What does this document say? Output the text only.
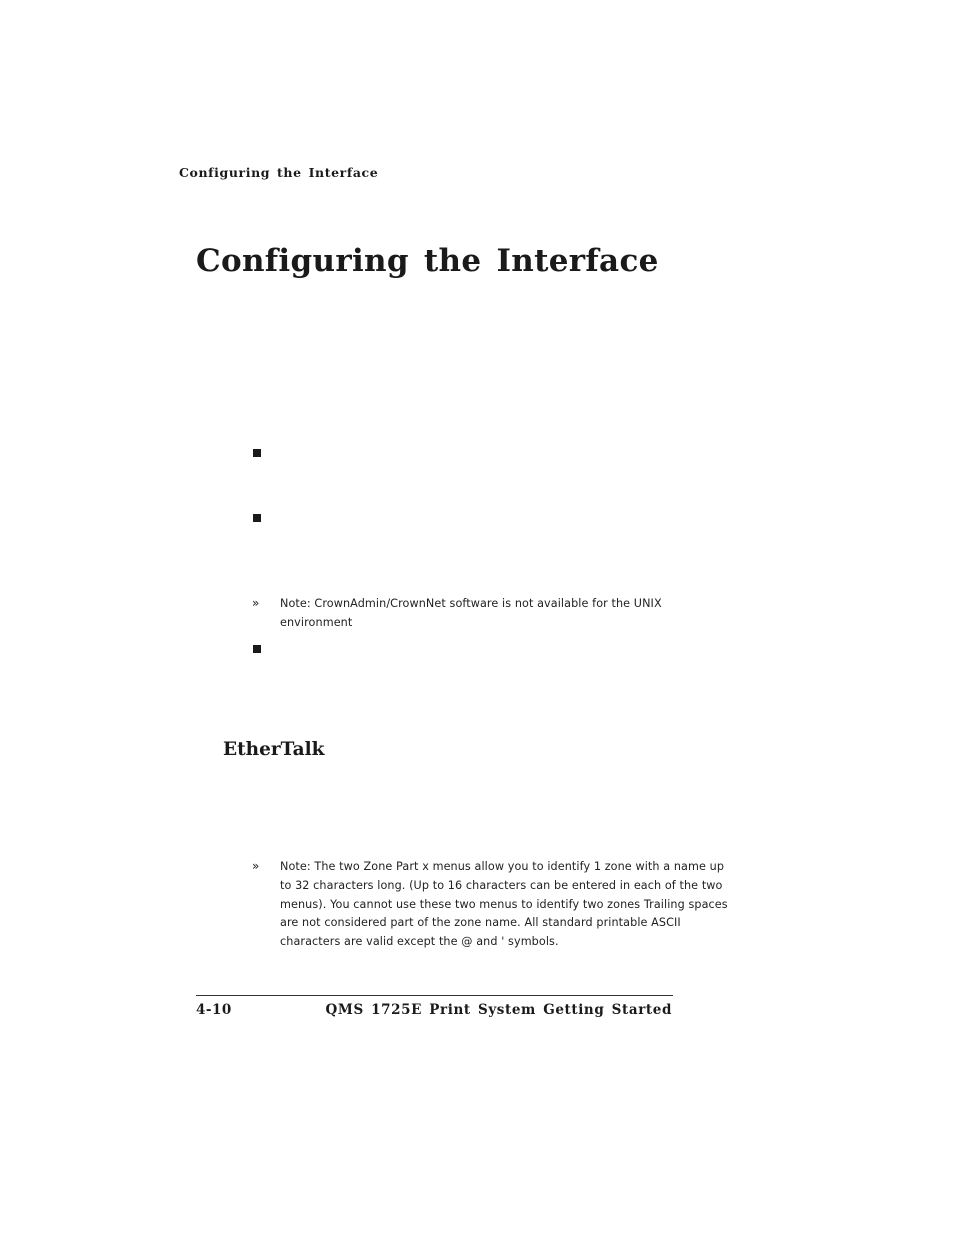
Configuring the Interface
Configuring the Interface
» Note: CrownAdmin/CrownNet software is not available for the UNIX environment
EtherTalk
» Note: The two Zone Part x menus allow you to identify 1 zone with a name up to 32 characters long. (Up to 16 characters can be entered in each of the two menus). You cannot use these two menus to identify two zones Trailing spaces are not considered part of the zone name. All standard printable ASCII characters are valid except the @ and ' symbols.
4-10	QMS 1725E Print System Getting Started
